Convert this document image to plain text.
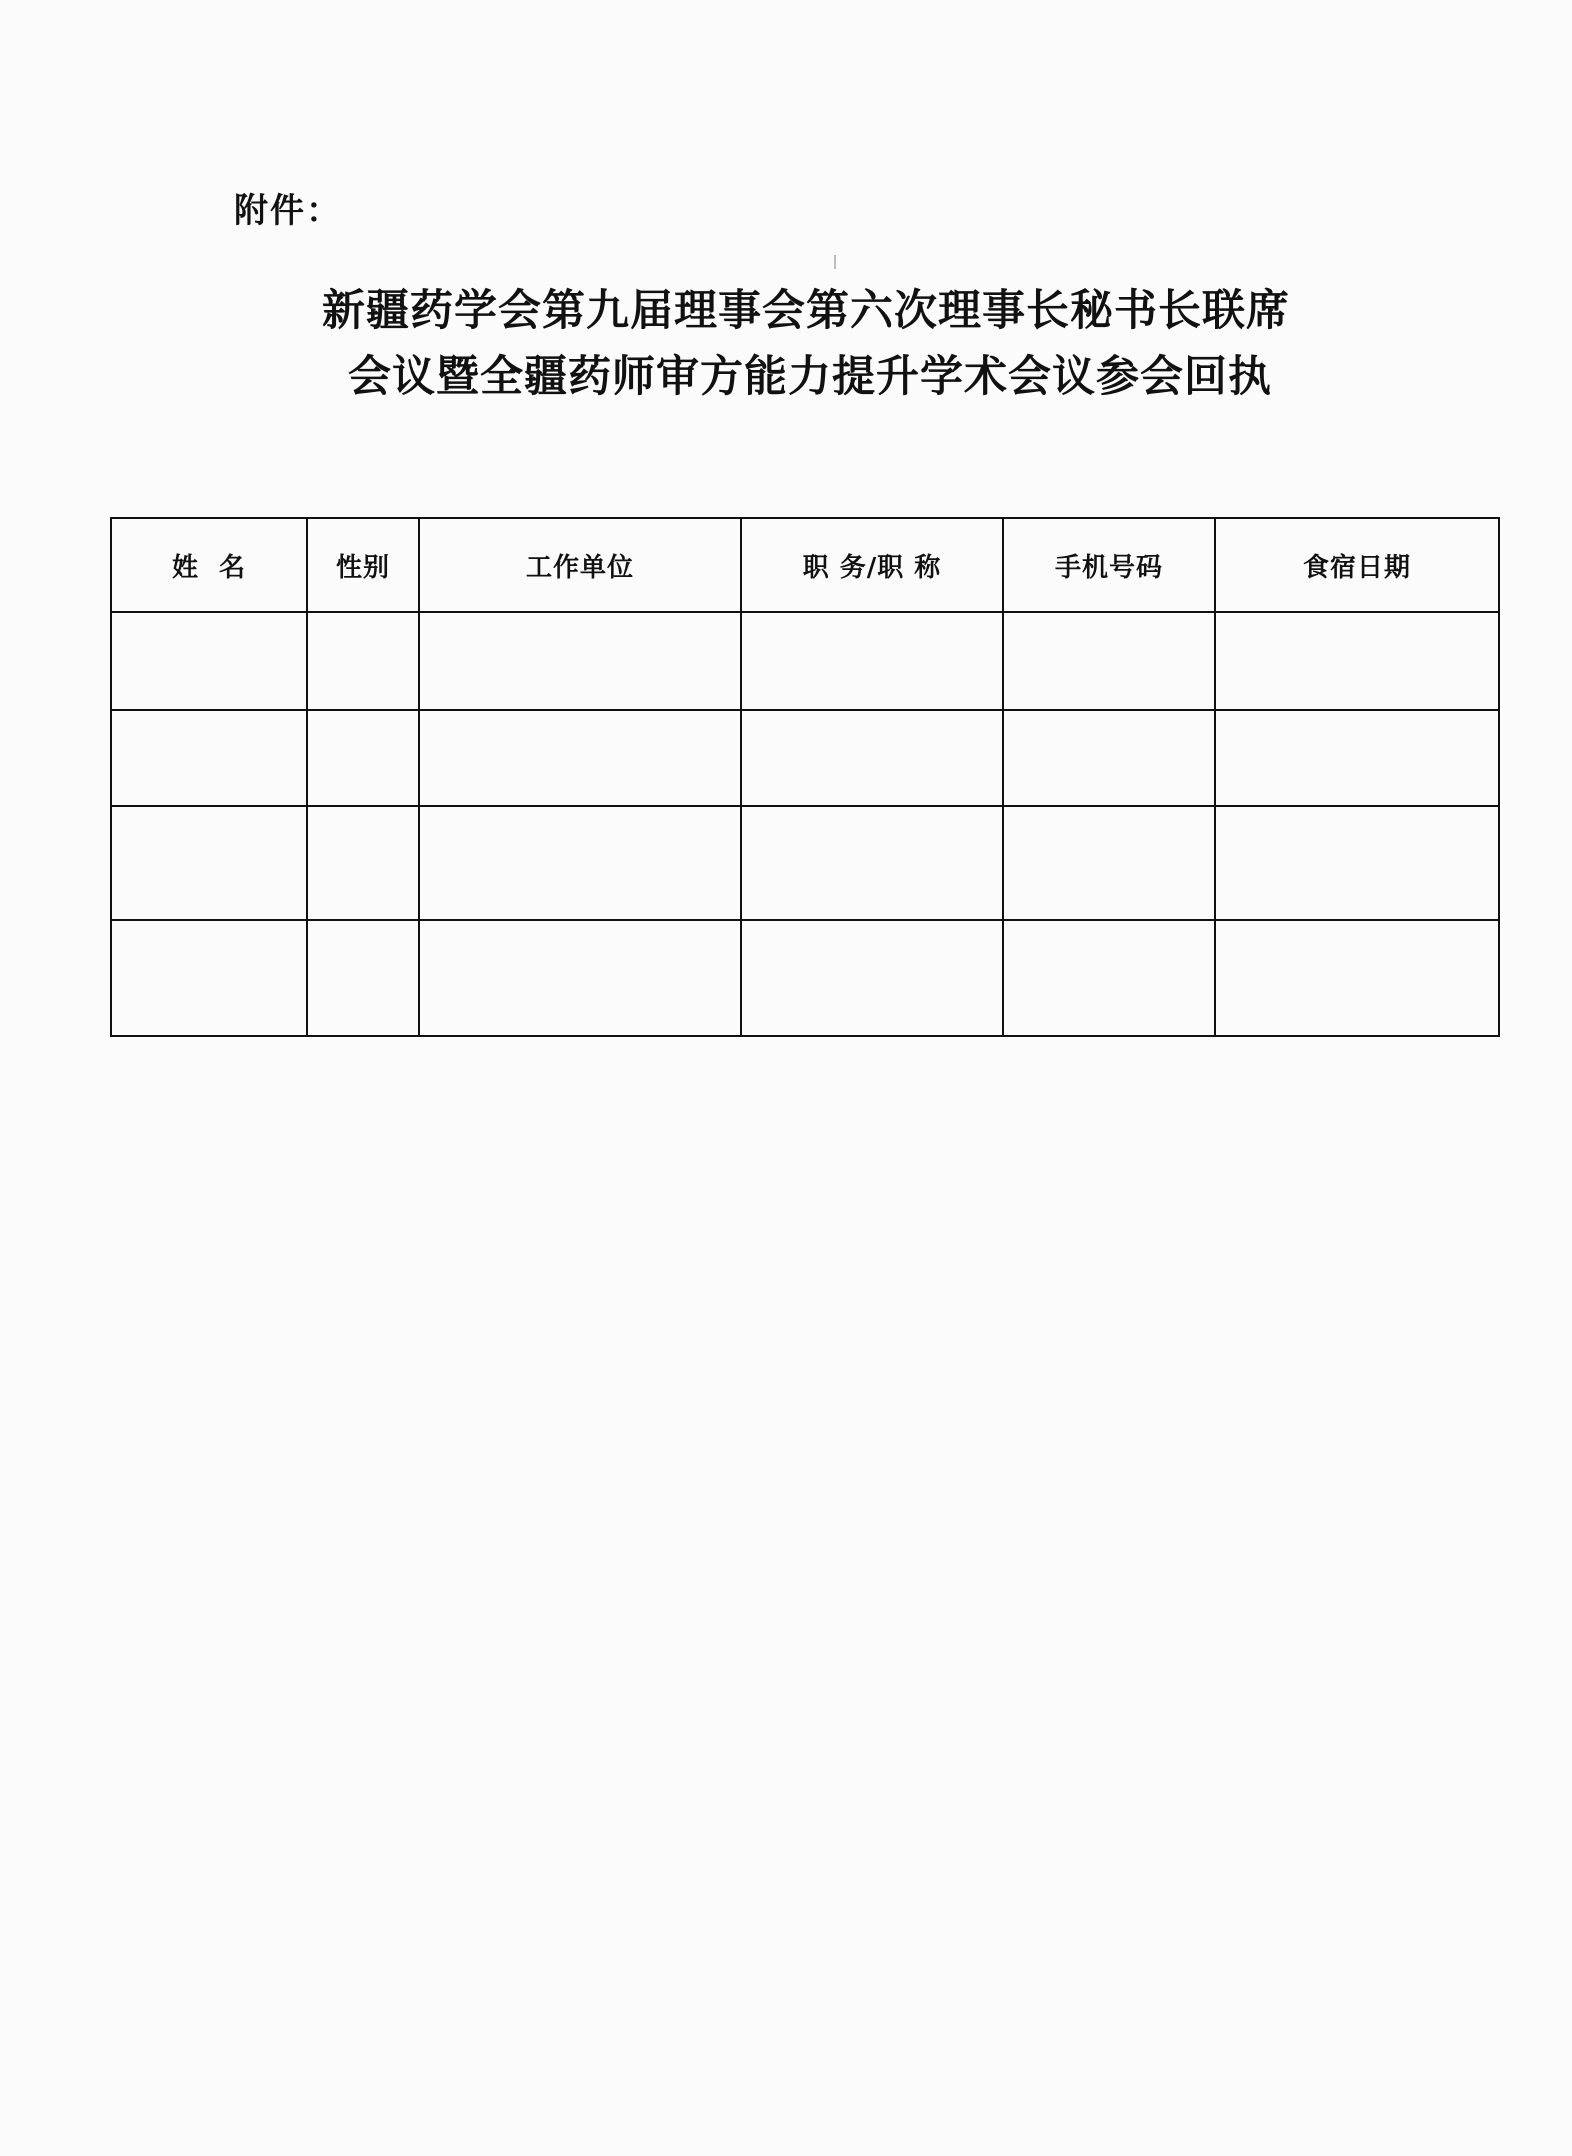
附件：
新疆药学会第九届理事会第六次理事长秘书长联席
会议暨全疆药师审方能力提升学术会议参会回执
姓  名	性别	工作单位	职 务/职 称	手机号码	食宿日期
